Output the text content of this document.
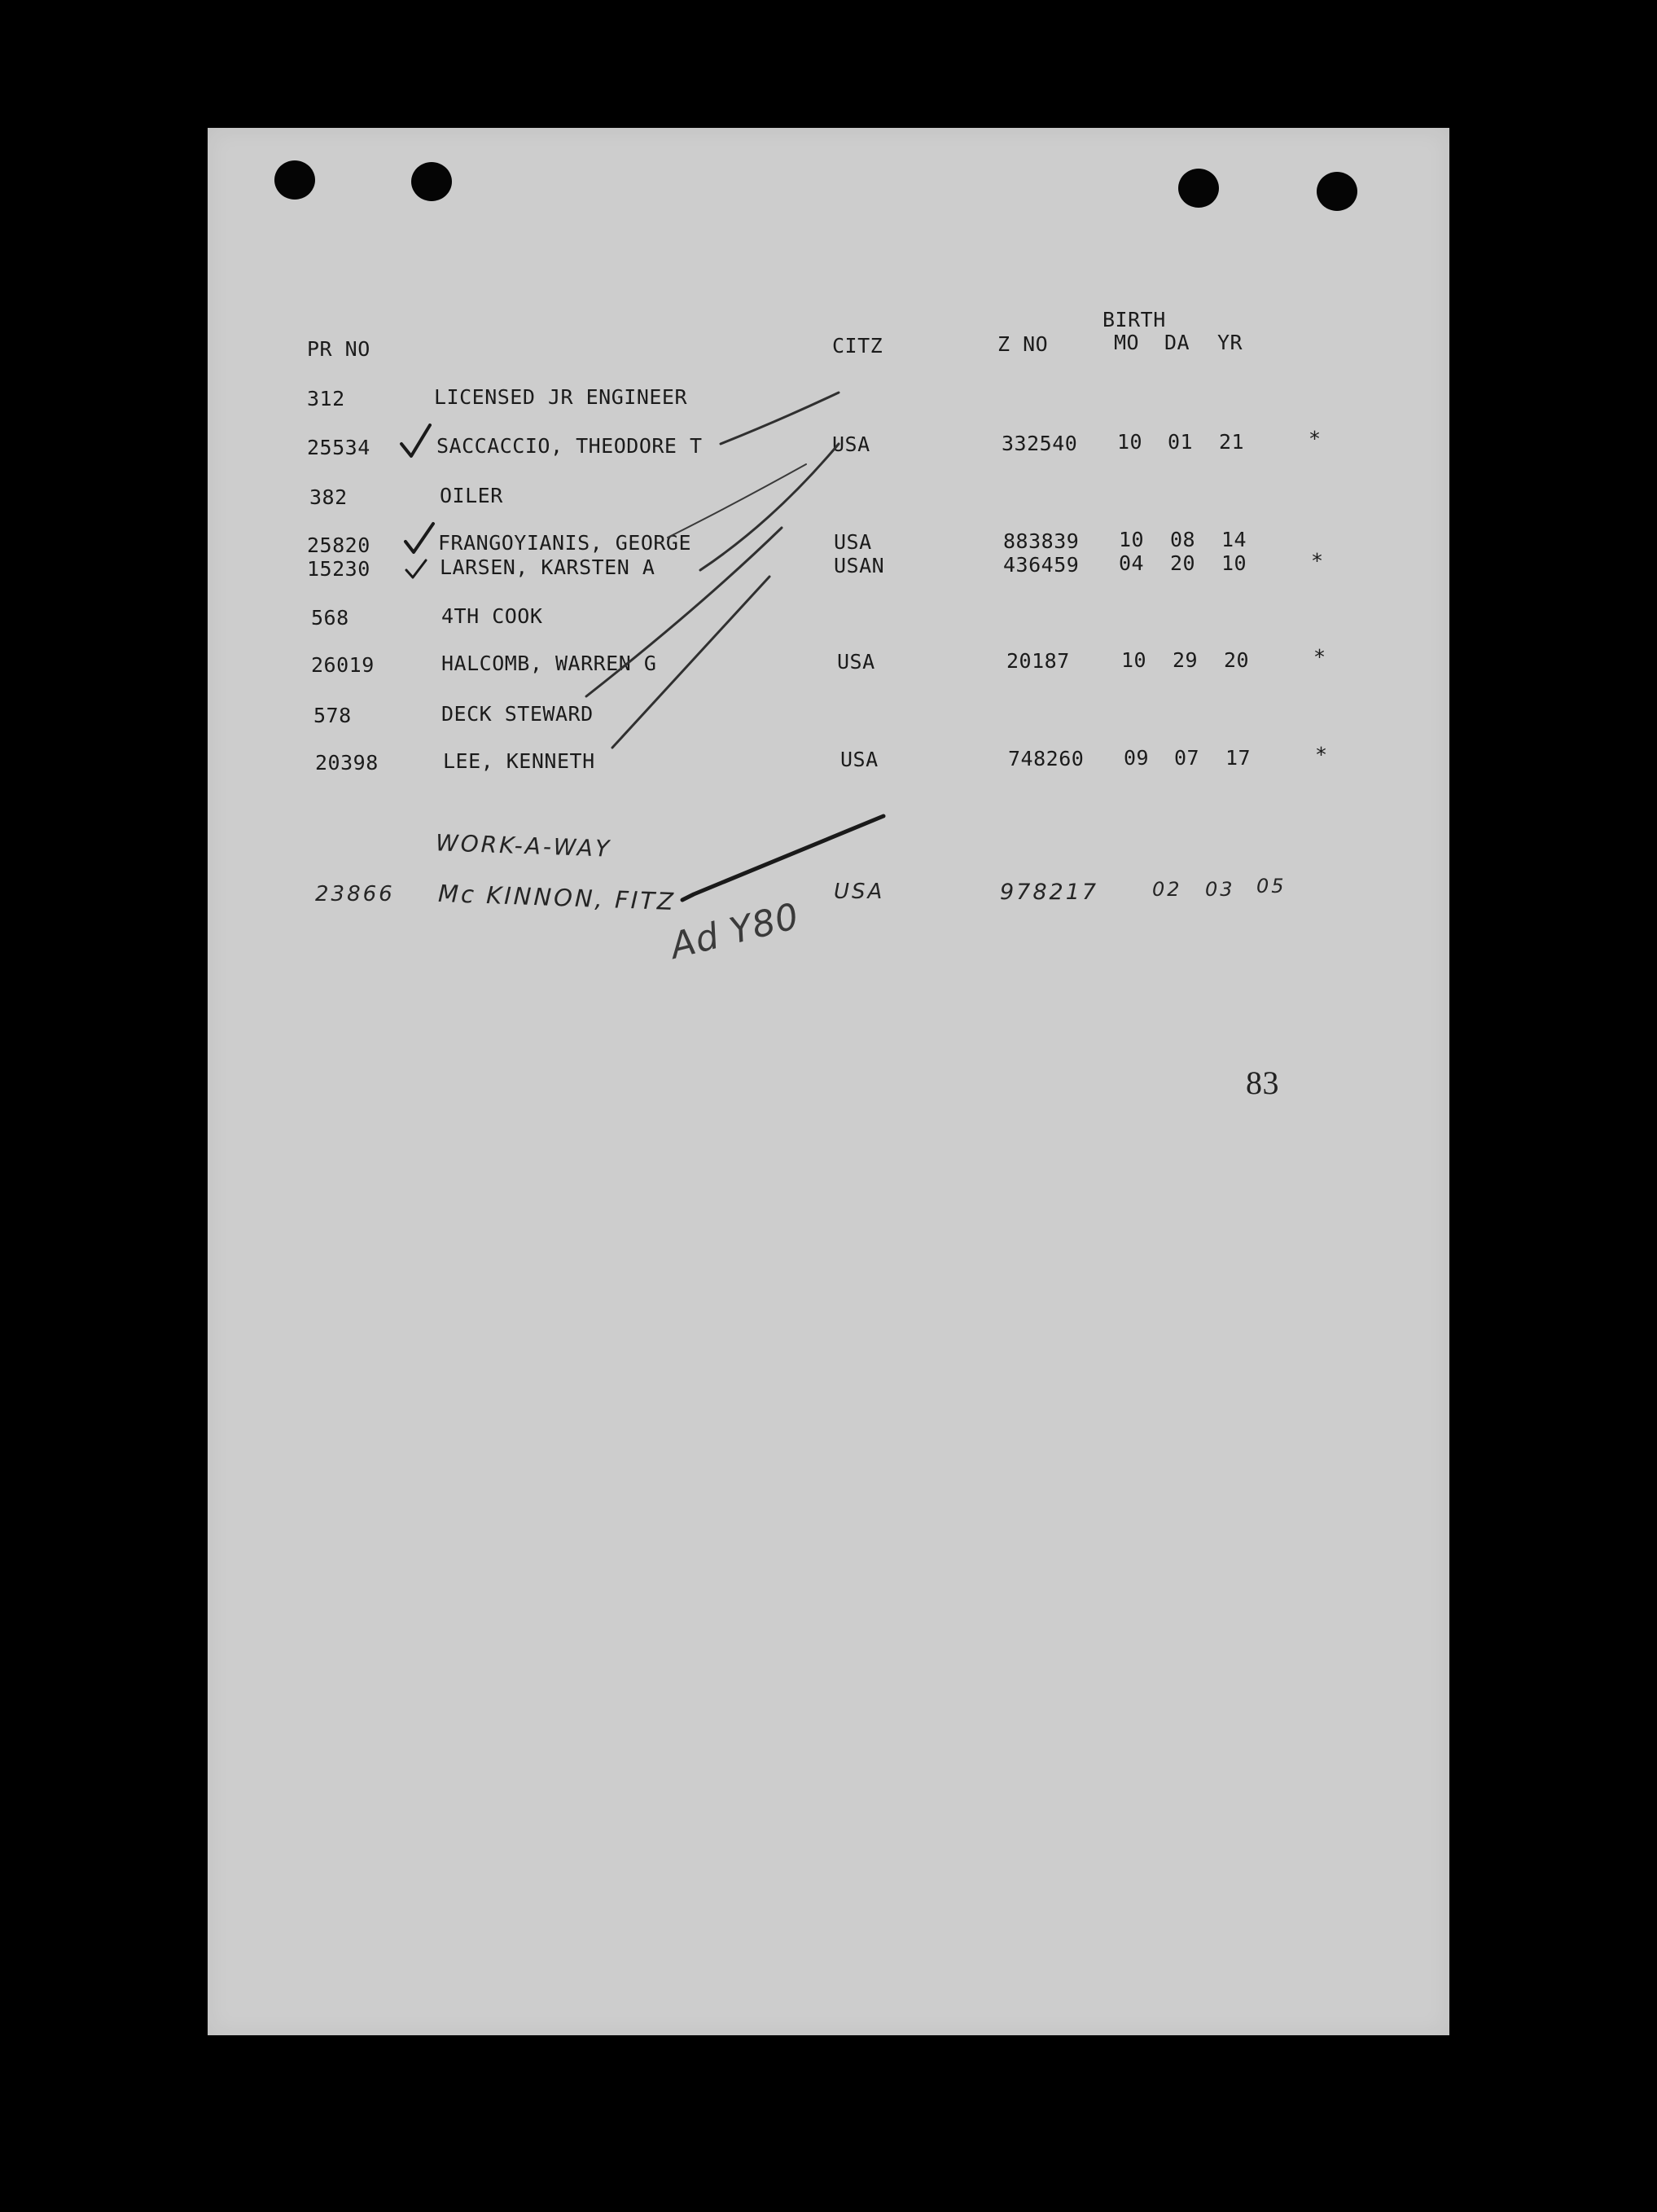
BIRTH
PR NO	CITZ	Z NO	MO DA YR
312	LICENSED JR ENGINEER
25534	SACCACCIO, THEODORE T	USA	332540 10 01 21	*
382	OILER
25820	FRANGOYIANIS, GEORGE	USA	883839 10 08 14
15230	LARSEN, KARSTEN A	USAN	436459 04 20 10	*
568	4TH COOK
26019	HALCOMB, WARREN G	USA	20187	10 29 20	*
578	DECK STEWARD
20398	LEE, KENNETH	USA	748260 09 07 17	*
WORK-A-WAY
23866 Mc KINNON, FITZ	USA	978217	02 03 05
Ad Y80
83
